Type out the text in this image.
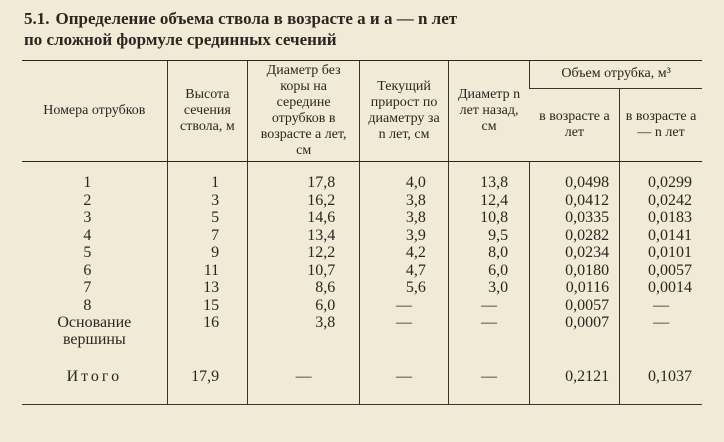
5.1. Определение объема ствола в возрасте a и a — n лет
по сложной формуле срединных сечений
Номера отрубков	Высота сечения ствола, м	Диаметр без коры на середине отрубков в возрасте a лет, см	Текущий прирост по диаметру за n лет, см	Диаметр n лет назад, см	Объем отрубка, м³	
					в возрасте a лет	в возрасте a — n лет
1	1	17,8	4,0	13,8	0,0498	0,0299
2	3	16,2	3,8	12,4	0,0412	0,0242
3	5	14,6	3,8	10,8	0,0335	0,0183
4	7	13,4	3,9	9,5	0,0282	0,0141
5	9	12,2	4,2	8,0	0,0234	0,0101
6	11	10,7	4,7	6,0	0,0180	0,0057
7	13	8,6	5,6	3,0	0,0116	0,0014
8	15	6,0	—	—	0,0057	—
Основание вершины	16	3,8	—	—	0,0007	—
Итого	17,9	—	—	—	0,2121	0,1037
